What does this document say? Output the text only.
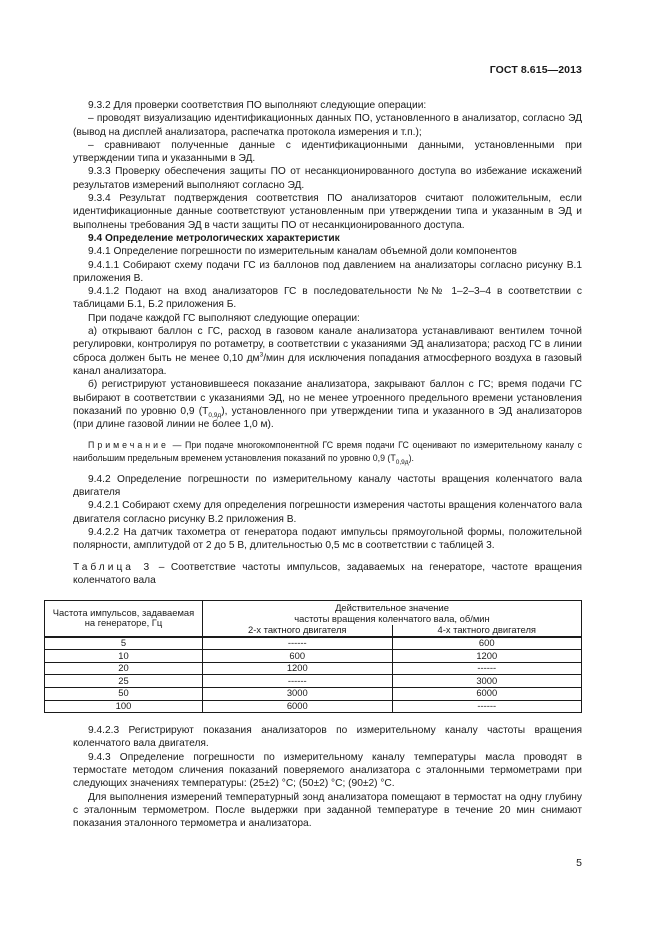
ГОСТ 8.615—2013

9.3.2 Для проверки соответствия ПО выполняют следующие операции:

– проводят визуализацию идентификационных данных ПО, установленного в анализатор, согласно ЭД (вывод на дисплей анализатора, распечатка протокола измерения и т.п.);

– сравнивают полученные данные с идентификационными данными, установленными при утверждении типа и указанными в ЭД.

9.3.3 Проверку обеспечения защиты ПО от несанкционированного доступа во избежание искажений результатов измерений выполняют согласно ЭД.

9.3.4 Результат подтверждения соответствия ПО анализаторов считают положительным, если идентификационные данные соответствуют установленным при утверждении типа и указанным в ЭД и выполнены требования ЭД в части защиты ПО от несанкционированного доступа.

9.4 Определение метрологических характеристик

9.4.1 Определение погрешности по измерительным каналам объемной доли компонентов

9.4.1.1 Собирают схему подачи ГС из баллонов под давлением на анализаторы согласно рисунку В.1 приложения В.

9.4.1.2 Подают на вход анализаторов ГС в последовательности №№ 1–2–3–4 в соответствии с таблицами Б.1, Б.2 приложения Б.

При подаче каждой ГС выполняют следующие операции:

а) открывают баллон с ГС, расход в газовом канале анализатора устанавливают вентилем точной регулировки, контролируя по ротаметру, в соответствии с указаниями ЭД анализатора; расход ГС в линии сброса должен быть не менее 0,10 $дм^3$/мин для исключения попадания атмосферного воздуха в газовый канал анализатора.

б) регистрируют установившееся показание анализатора, закрывают баллон с ГС; время подачи ГС выбирают в соответствии с указаниями ЭД, но не менее утроенного предельного времени установления показаний по уровню 0,9 $(T_{0,9д})$, установленного при утверждении типа и указанного в ЭД анализаторов (при длине газовой линии не более 1,0 м).

Примечание — При подаче многокомпонентной ГС время подачи ГС оценивают по измерительному каналу с наибольшим предельным временем установления показаний по уровню 0,9 $(T_{0,9д})$.

9.4.2 Определение погрешности по измерительному каналу частоты вращения коленчатого вала двигателя

9.4.2.1 Собирают схему для определения погрешности измерения частоты вращения коленчатого вала двигателя согласно рисунку В.2 приложения В.

9.4.2.2 На датчик тахометра от генератора подают импульсы прямоугольной формы, положительной полярности, амплитудой от 2 до 5 В, длительностью 0,5 мс в соответствии с таблицей 3.

Таблица 3 – Соответствие частоты импульсов, задаваемых на генераторе, частоте вращения коленчатого вала

Частота импульсов, задаваемая на генераторе, Гц	Действительное значение
частоты вращения коленчатого вала, об/мин	
	2-х тактного двигателя	4-х тактного двигателя
5	------	600
10	600	1200
20	1200	------
25	------	3000
50	3000	6000
100	6000	------

9.4.2.3 Регистрируют показания анализаторов по измерительному каналу частоты вращения коленчатого вала двигателя.

9.4.3 Определение погрешности по измерительному каналу температуры масла проводят в термостате методом сличения показаний поверяемого анализатора с эталонными термометрами при следующих значениях температуры: (25±2) °С; (50±2) °С; (90±2) °С.

Для выполнения измерений температурный зонд анализатора помещают в термостат на одну глубину с эталонным термометром. После выдержки при заданной температуре в течение 20 мин снимают показания эталонного термометра и анализатора.

5
